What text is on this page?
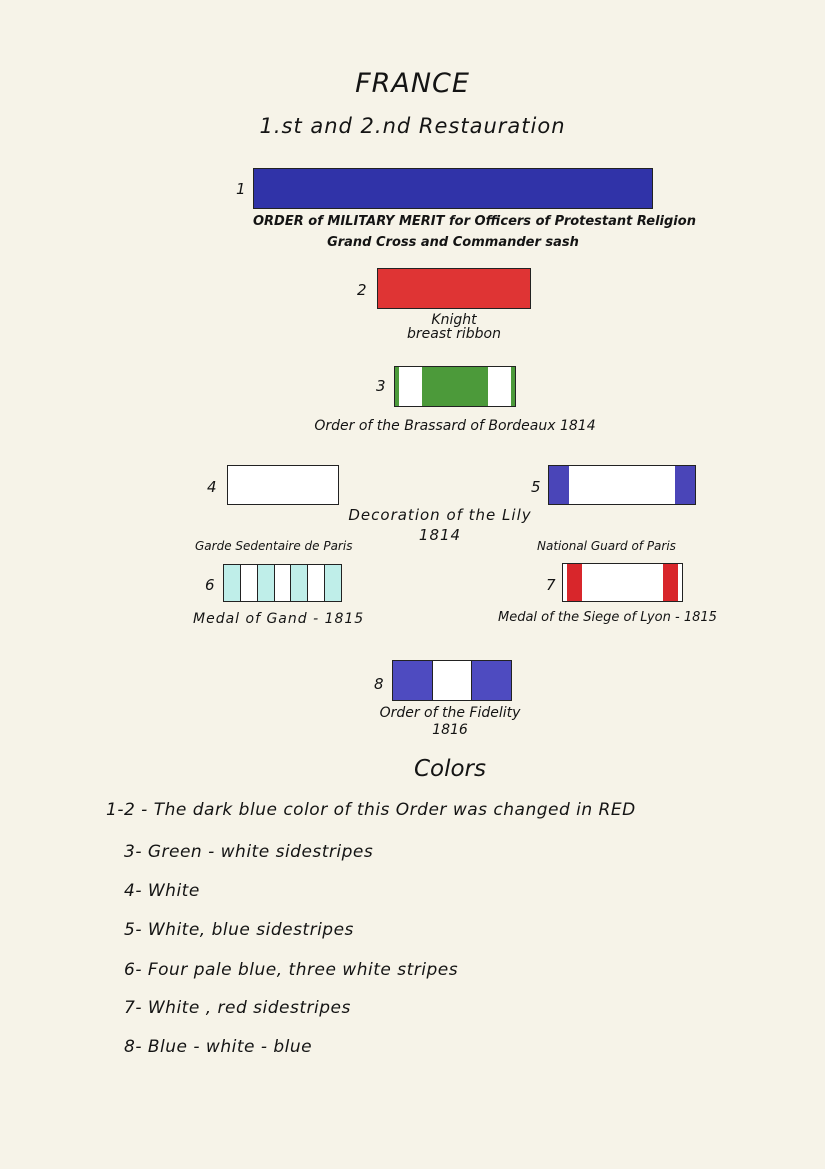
FRANCE
1.st and 2.nd Restauration
1
ORDER of MILITARY MERIT for Officers of Protestant Religion
Grand Cross and Commander sash
2
Knight
breast ribbon
3
Order of the Brassard of Bordeaux 1814
4	5
Decoration of the Lily
1814
Garde Sedentaire de Paris	National Guard of Paris
6
Medal of Gand - 1815
7
Medal of the Siege of Lyon - 1815
8
Order of the Fidelity
1816
Colors
1-2 - The dark blue color of this Order was changed in RED
3- Green - white sidestripes
4- White
5- White, blue sidestripes
6- Four pale blue, three white stripes
7- White , red sidestripes
8- Blue - white - blue
